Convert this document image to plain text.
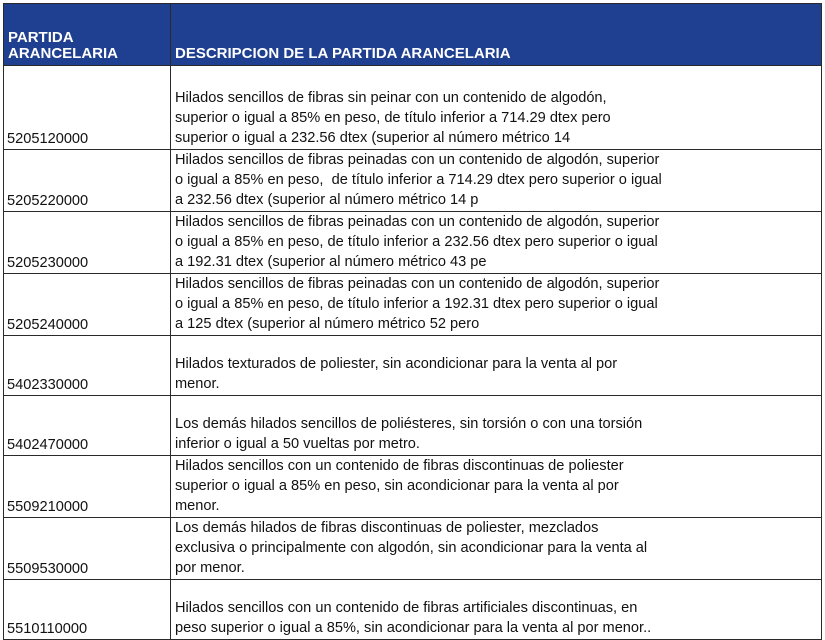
PARTIDA
ARANCELARIA	DESCRIPCION DE LA PARTIDA ARANCELARIA
5205120000	Hilados sencillos de fibras sin peinar con un contenido de algodón,
superior o igual a 85% en peso, de título inferior a 714.29 dtex pero
superior o igual a 232.56 dtex (superior al número métrico 14

5205220000	Hilados sencillos de fibras peinadas con un contenido de algodón, superior
o igual a 85% en peso,  de título inferior a 714.29 dtex pero superior o igual
a 232.56 dtex (superior al número métrico 14 p

5205230000	Hilados sencillos de fibras peinadas con un contenido de algodón, superior
o igual a 85% en peso, de título inferior a 232.56 dtex pero superior o igual
a 192.31 dtex (superior al número métrico 43 pe

5205240000	Hilados sencillos de fibras peinadas con un contenido de algodón, superior
o igual a 85% en peso, de título inferior a 192.31 dtex pero superior o igual
a 125 dtex (superior al número métrico 52 pero

5402330000	Hilados texturados de poliester, sin acondicionar para la venta al por
menor.

5402470000	Los demás hilados sencillos de poliésteres, sin torsión o con una torsión
inferior o igual a 50 vueltas por metro.

5509210000	Hilados sencillos con un contenido de fibras discontinuas de poliester
superior o igual a 85% en peso, sin acondicionar para la venta al por
menor.

5509530000	Los demás hilados de fibras discontinuas de poliester, mezclados
exclusiva o principalmente con algodón, sin acondicionar para la venta al
por menor.

5510110000	Hilados sencillos con un contenido de fibras artificiales discontinuas, en
peso superior o igual a 85%, sin acondicionar para la venta al por menor..
